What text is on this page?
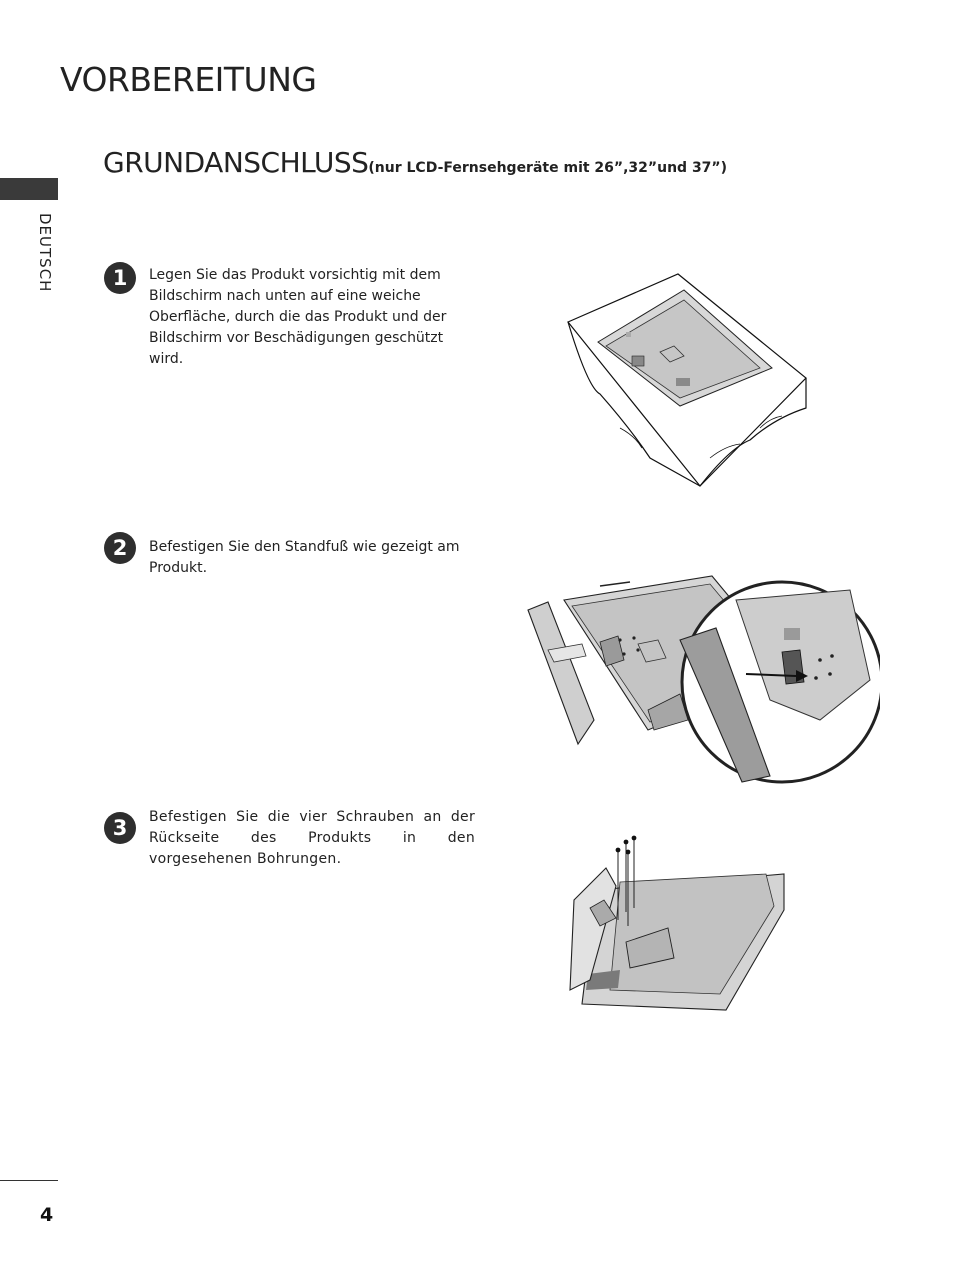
VORBEREITUNG
DEUTSCH
GRUNDANSCHLUSS(nur LCD-Fernsehgeräte mit 26”,32”und 37”)
1	Legen Sie das Produkt vorsichtig mit dem Bildschirm nach unten auf eine weiche Oberfläche, durch die das Produkt und der Bildschirm vor Beschädigungen geschützt wird.
2	Befestigen Sie den Standfuß wie gezeigt am Produkt.
3	Befestigen Sie die vier Schrauben an der Rückseite des Produkts in den vorgesehenen Bohrungen.
4
